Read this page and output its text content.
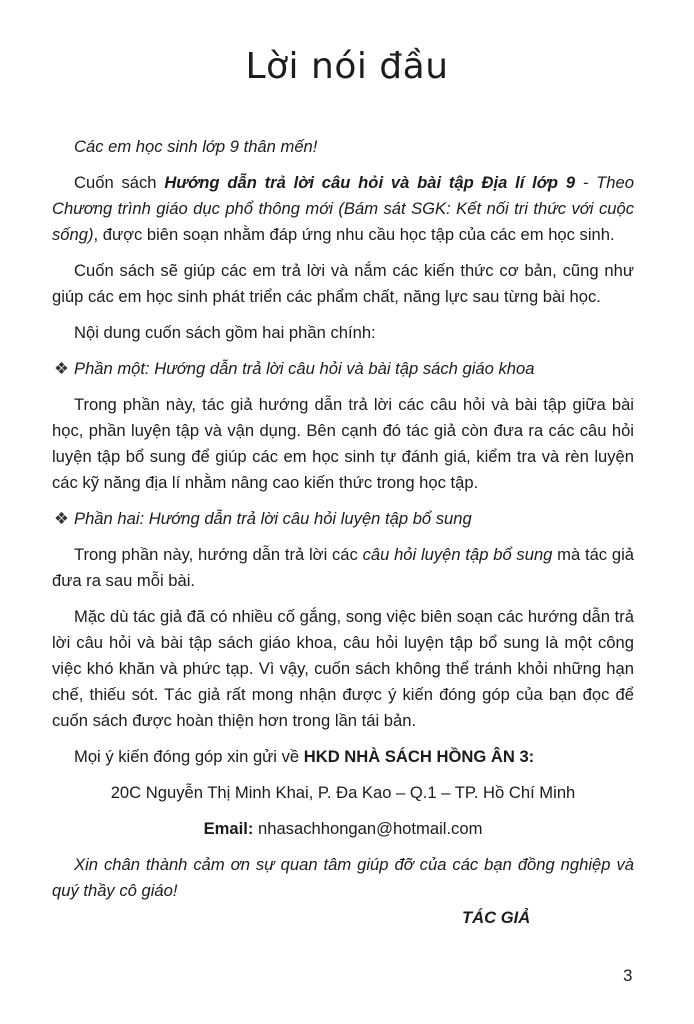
Lời nói đầu

Các em học sinh lớp 9 thân mến!

Cuốn sách Hướng dẫn trả lời câu hỏi và bài tập Địa lí lớp 9 - Theo Chương trình giáo dục phổ thông mới (Bám sát SGK: Kết nối tri thức với cuộc sống), được biên soạn nhằm đáp ứng nhu cầu học tập của các em học sinh.

Cuốn sách sẽ giúp các em trả lời và nắm các kiến thức cơ bản, cũng như giúp các em học sinh phát triển các phẩm chất, năng lực sau từng bài học.

Nội dung cuốn sách gồm hai phần chính:

❖ Phần một: Hướng dẫn trả lời câu hỏi và bài tập sách giáo khoa

Trong phần này, tác giả hướng dẫn trả lời các câu hỏi và bài tập giữa bài học, phần luyện tập và vận dụng. Bên cạnh đó tác giả còn đưa ra các câu hỏi luyện tập bổ sung để giúp các em học sinh tự đánh giá, kiểm tra và rèn luyện các kỹ năng địa lí nhằm nâng cao kiến thức trong học tập.

❖ Phần hai: Hướng dẫn trả lời câu hỏi luyện tập bổ sung

Trong phần này, hướng dẫn trả lời các câu hỏi luyện tập bổ sung mà tác giả đưa ra sau mỗi bài.

Mặc dù tác giả đã có nhiều cố gắng, song việc biên soạn các hướng dẫn trả lời câu hỏi và bài tập sách giáo khoa, câu hỏi luyện tập bổ sung là một công việc khó khăn và phức tạp. Vì vậy, cuốn sách không thể tránh khỏi những hạn chế, thiếu sót. Tác giả rất mong nhận được ý kiến đóng góp của bạn đọc để cuốn sách được hoàn thiện hơn trong lần tái bản.

Mọi ý kiến đóng góp xin gửi về HKD NHÀ SÁCH HỒNG ÂN 3:

20C Nguyễn Thị Minh Khai, P. Đa Kao – Q.1 – TP. Hồ Chí Minh

Email: nhasachhongan@hotmail.com

Xin chân thành cảm ơn sự quan tâm giúp đỡ của các bạn đồng nghiệp và quý thầy cô giáo!

TÁC GIẢ
3
